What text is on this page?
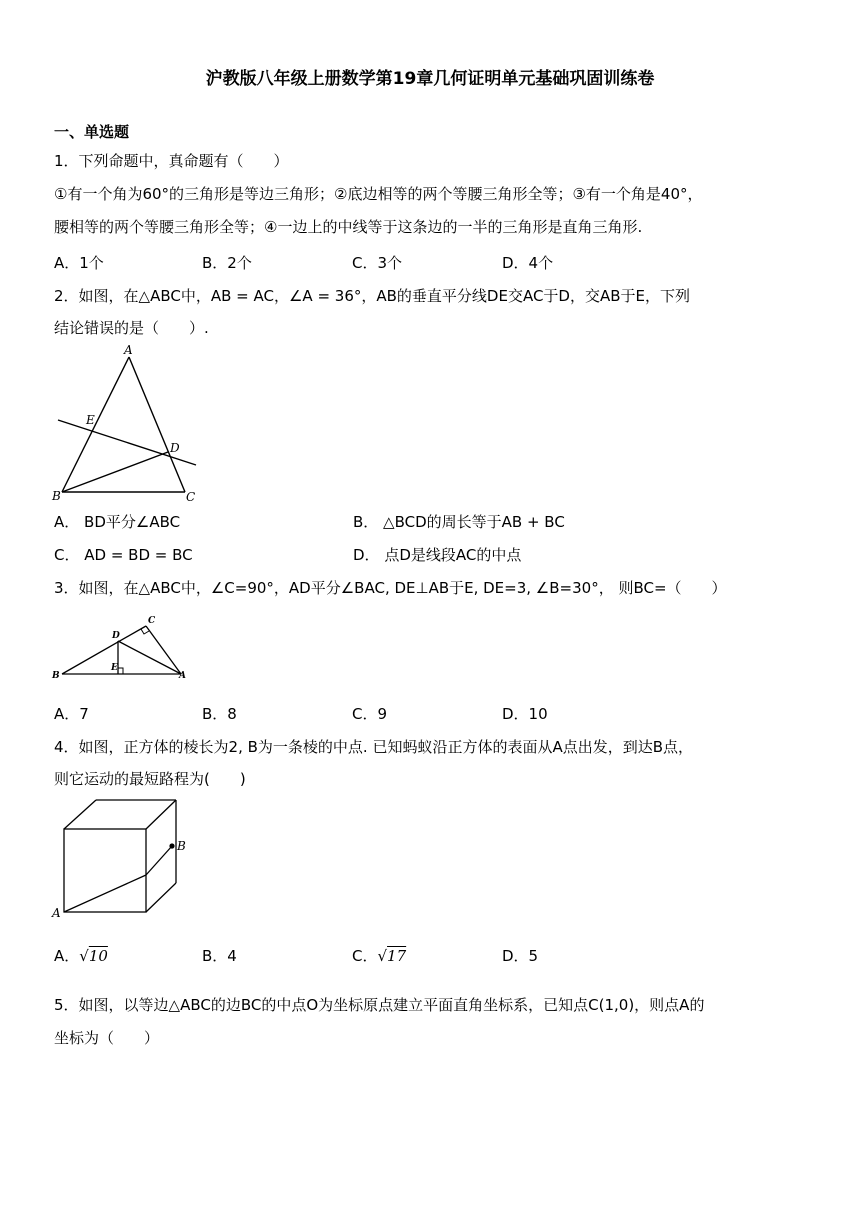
沪教版八年级上册数学第19章几何证明单元基础巩固训练卷
一、单选题
1．下列命题中，真命题有（　　）
①有一个角为60°的三角形是等边三角形；②底边相等的两个等腰三角形全等；③有一个角是40°，
腰相等的两个等腰三角形全等；④一边上的中线等于这条边的一半的三角形是直角三角形.
A．1个	B．2个	C．3个	D．4个
2．如图，在△ABC中，AB = AC，∠A = 36°，AB的垂直平分线DE交AC于D，交AB于E，下列
结论错误的是（　　）.
A
E
D
B	C
A． BD平分∠ABC	B． △BCD的周长等于AB + BC
C． AD = BD = BC	D． 点D是线段AC的中点
3．如图，在△ABC中，∠C=90°，AD平分∠BAC, DE⊥AB于E, DE=3, ∠B=30°， 则BC=（　　）
D
C
E
B	A
A．7	B．8	C．9	D．10
4．如图，正方体的棱长为2, B为一条棱的中点. 已知蚂蚁沿正方体的表面从A点出发，到达B点，
则它运动的最短路程为(　　)
B
A
A．√10	B．4	C．√17	D．5
5．如图，以等边△ABC的边BC的中点O为坐标原点建立平面直角坐标系，已知点C(1,0)，则点A的
坐标为（　　）
